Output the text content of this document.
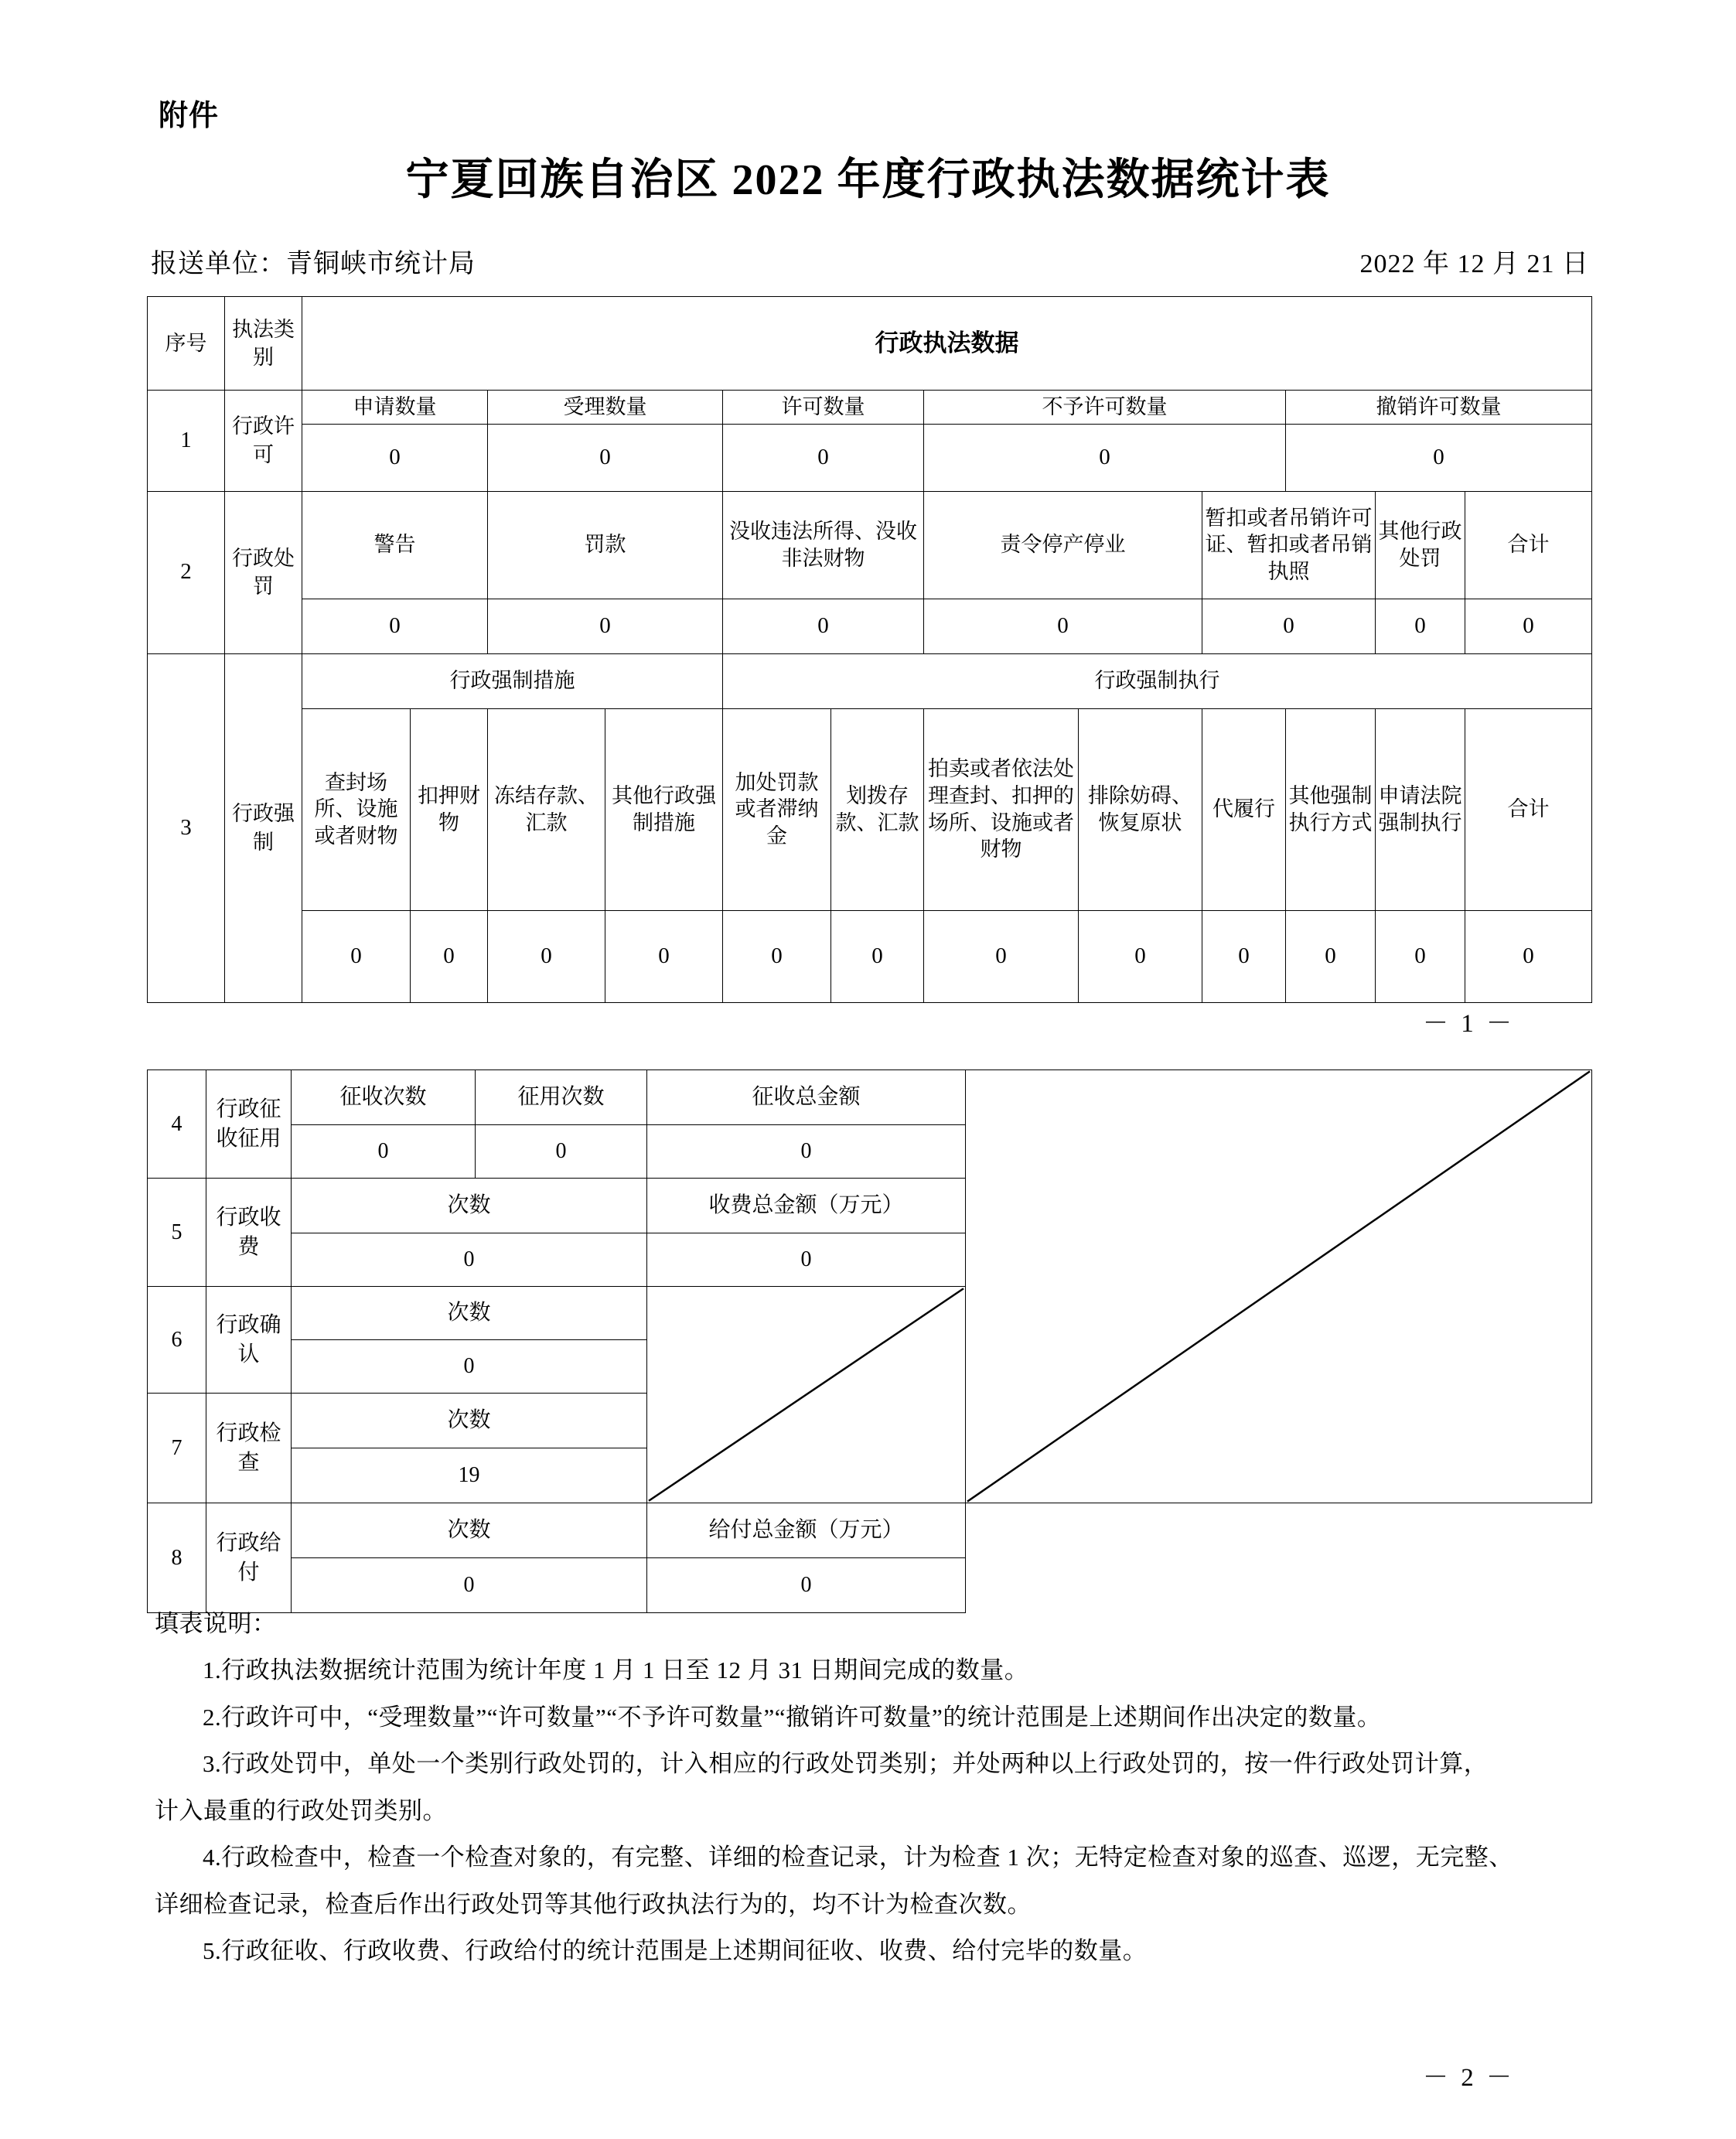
附件
宁夏回族自治区 2022 年度行政执法数据统计表
报送单位：青铜峡市统计局	2022 年 12 月 21 日
序号	执法类别	行政执法数据											
1	行政许可	申请数量		受理数量		许可数量		不予许可数量			撤销许可数量		
		0		0		0		0			0		
2	行政处罚	警告		罚款		没收违法所得、没收非法财物		责令停产停业		暂扣或者吊销许可证、暂扣或者吊销执照		其他行政处罚	合计
		0		0		0		0		0		0	0
3	行政强制	行政强制措施				行政强制执行							
		查封场所、设施或者财物	扣押财物	冻结存款、汇款	其他行政强制措施	加处罚款或者滞纳金	划拨存款、汇款	拍卖或者依法处理查封、扣押的场所、设施或者财物	排除妨碍、恢复原状	代履行	其他强制执行方式	申请法院强制执行	合计
		0	0	0	0	0	0	0	0	0	0	0	0
－ 1 －
4	行政征收征用	征收次数	征用次数	征收总金额	

		0	0	0	
5	行政收费	次数		收费总金额（万元）	
		0		0	
6	行政确认	次数	

		0			
7	行政检查	次数			
		19			
8	行政给付	次数		给付总金额（万元）	
		0		0	

填表说明：

1.行政执法数据统计范围为统计年度 1 月 1 日至 12 月 31 日期间完成的数量。

2.行政许可中，“受理数量”“许可数量”“不予许可数量”“撤销许可数量”的统计范围是上述期间作出决定的数量。

3.行政处罚中，单处一个类别行政处罚的，计入相应的行政处罚类别；并处两种以上行政处罚的，按一件行政处罚计算，

计入最重的行政处罚类别。

4.行政检查中，检查一个检查对象的，有完整、详细的检查记录，计为检查 1 次；无特定检查对象的巡查、巡逻，无完整、

详细检查记录，检查后作出行政处罚等其他行政执法行为的，均不计为检查次数。

5.行政征收、行政收费、行政给付的统计范围是上述期间征收、收费、给付完毕的数量。

－ 2 －
